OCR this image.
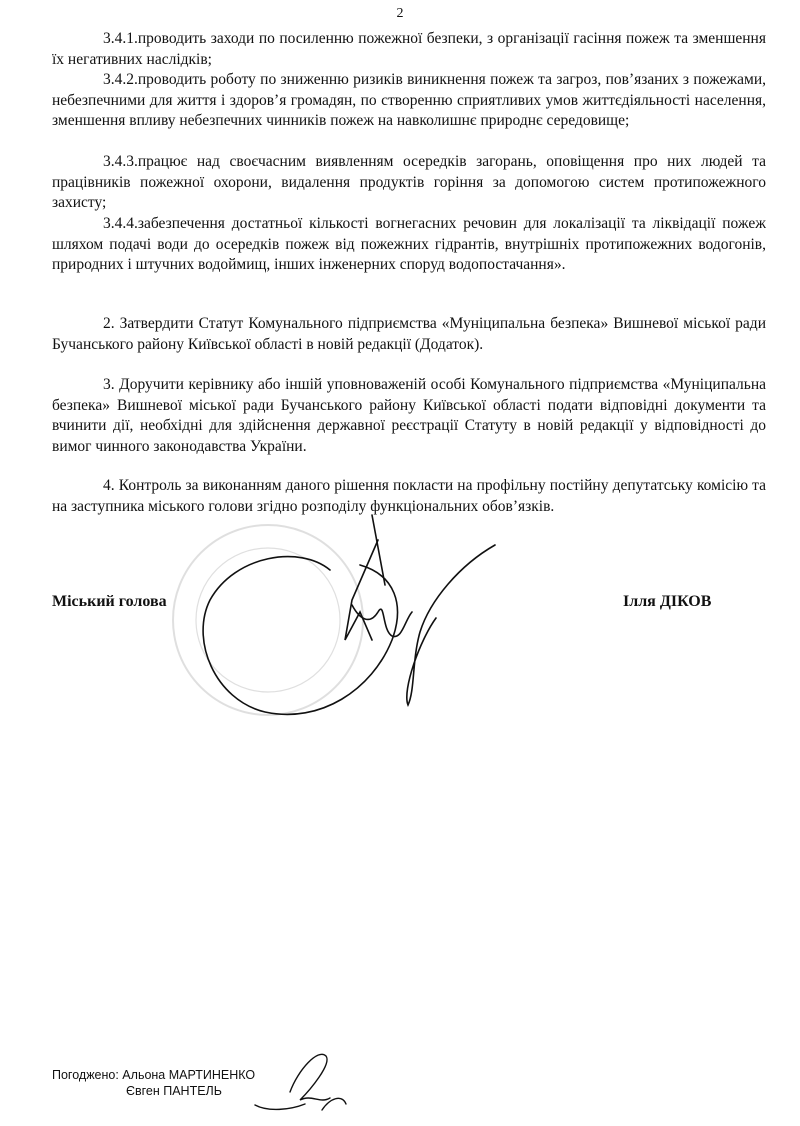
2

3.4.1.проводить заходи по посиленню пожежної безпеки, з організації гасіння пожеж та зменшення їх негативних наслідків;

3.4.2.проводить роботу по зниженню ризиків виникнення пожеж та загроз, пов’язаних з пожежами, небезпечними для життя і здоров’я громадян, по створенню сприятливих умов життєдіяльності населення, зменшення впливу небезпечних чинників пожеж на навколишнє природнє середовище;

3.4.3.працює над своєчасним виявленням осередків загорань, оповіщення про них людей та працівників пожежної охорони, видалення продуктів горіння за допомогою систем протипожежного захисту;

3.4.4.забезпечення достатньої кількості вогнегасних речовин для локалізації та ліквідації пожеж шляхом подачі води до осередків пожеж від пожежних гідрантів, внутрішніх протипожежних водогонів, природних і штучних водоймищ, інших інженерних споруд водопостачання».

2. Затвердити Статут Комунального підприємства «Муніципальна безпека» Вишневої міської ради Бучанського району Київської області в новій редакції (Додаток).

3. Доручити керівнику або іншій уповноваженій особі Комунального підприємства «Муніципальна безпека» Вишневої міської ради Бучанського району Київської області подати відповідні документи та вчинити дії, необхідні для здійснення державної реєстрації Статуту в новій редакції у відповідності до вимог чинного законодавства України.

4. Контроль за виконанням даного рішення покласти на профільну постійну депутатську комісію та на заступника міського голови згідно розподілу функціональних обов’язків.

Міський голова	Ілля ДІКОВ
Погоджено: Альона МАРТИНЕНКО
Євген ПАНТЕЛЬ
